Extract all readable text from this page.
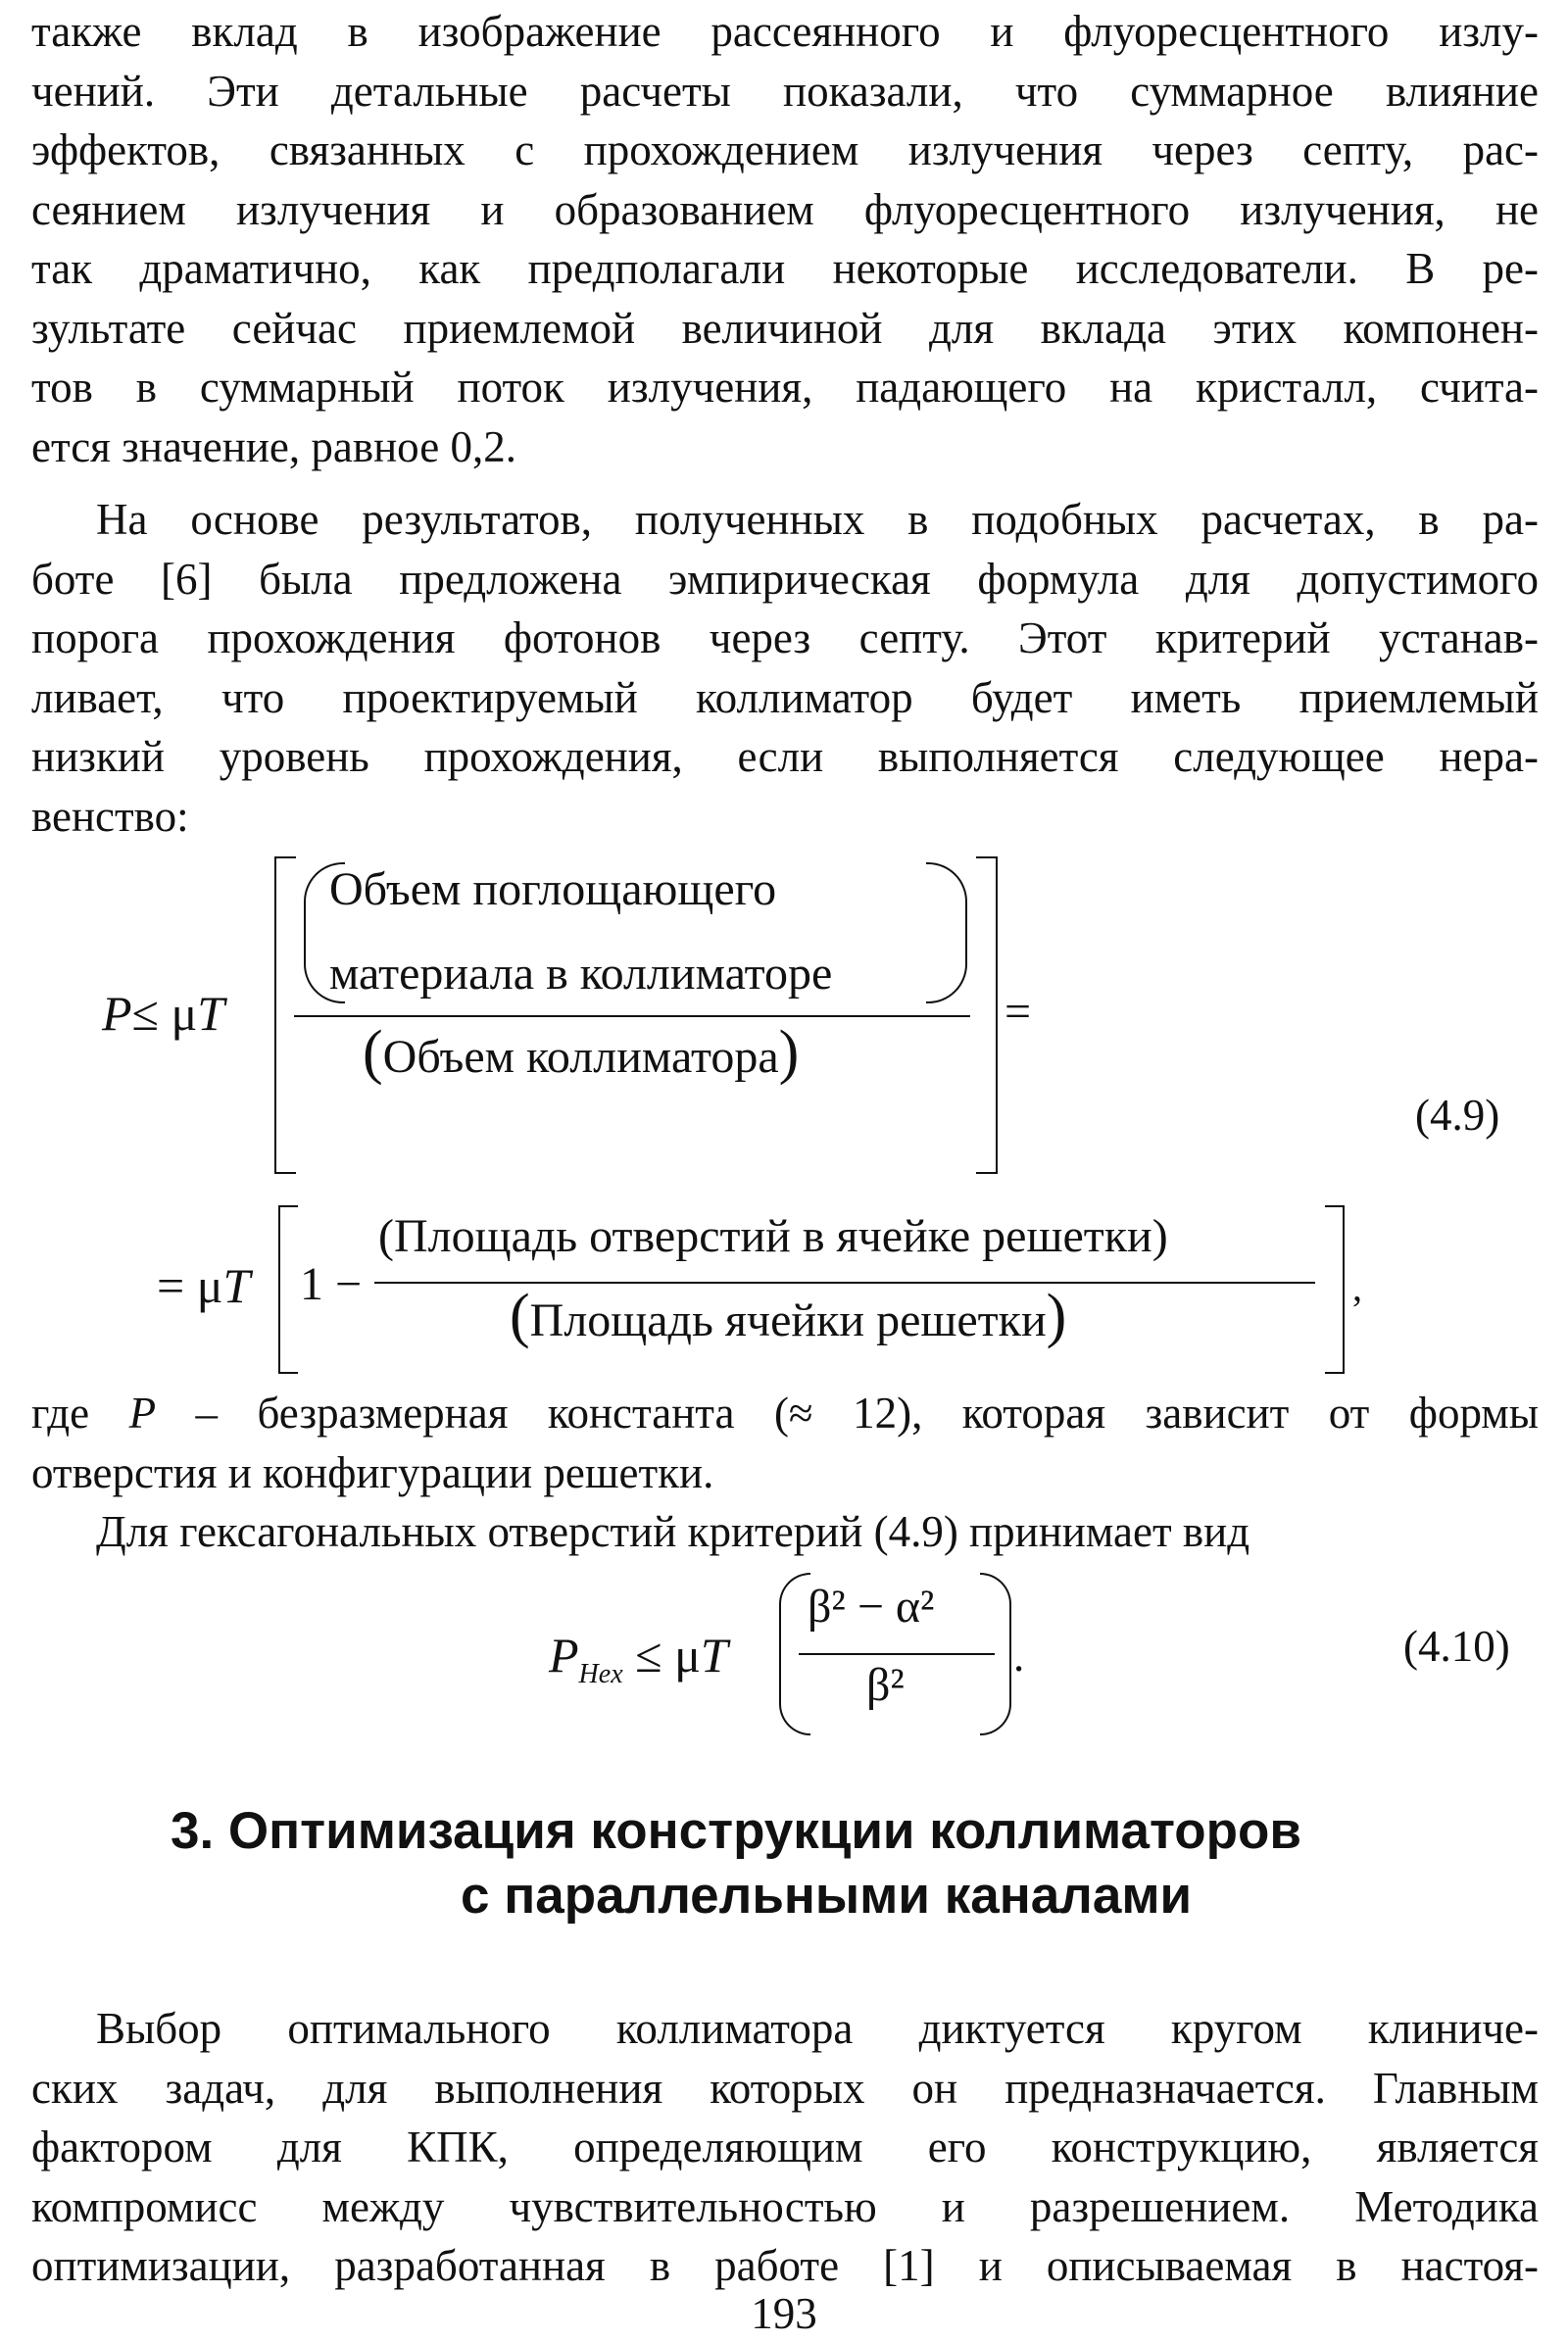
также вклад в изображение рассеянного и флуоресцентного излу-
чений. Эти детальные расчеты показали, что суммарное влияние
эффектов, связанных с прохождением излучения через септу, рас-
сеянием излучения и образованием флуоресцентного излучения, не
так драматично, как предполагали некоторые исследователи. В ре-
зультате сейчас приемлемой величиной для вклада этих компонен-
тов в суммарный поток излучения, падающего на кристалл, счита-
ется значение, равное 0,2.
На основе результатов, полученных в подобных расчетах, в ра-
боте [6] была предложена эмпирическая формула для допустимого
порога прохождения фотонов через септу. Этот критерий устанав-
ливает, что проектируемый коллиматор будет иметь приемлемый
низкий уровень прохождения, если выполняется следующее нера-
венство:
P≤ μT
Объем поглощающего
материала в коллиматоре
(Объем коллиматора)
=
(4.9)
= μT 1 −
(Площадь отверстий в ячейке решетки)
(Площадь ячейки решетки)	,
где P – безразмерная константа (≈ 12), которая зависит от формы
отверстия и конфигурации решетки.
Для гексагональных отверстий критерий (4.9) принимает вид
$P_{Hex} \le \mu T$
β² − α²
β²
.	(4.10)
3. Оптимизация конструкции коллиматоров
с параллельными каналами
Выбор оптимального коллиматора диктуется кругом клиниче-
ских задач, для выполнения которых он предназначается. Главным
фактором для КПК, определяющим его конструкцию, является
компромисс между чувствительностью и разрешением. Методика
оптимизации, разработанная в работе [1] и описываемая в настоя-
193
